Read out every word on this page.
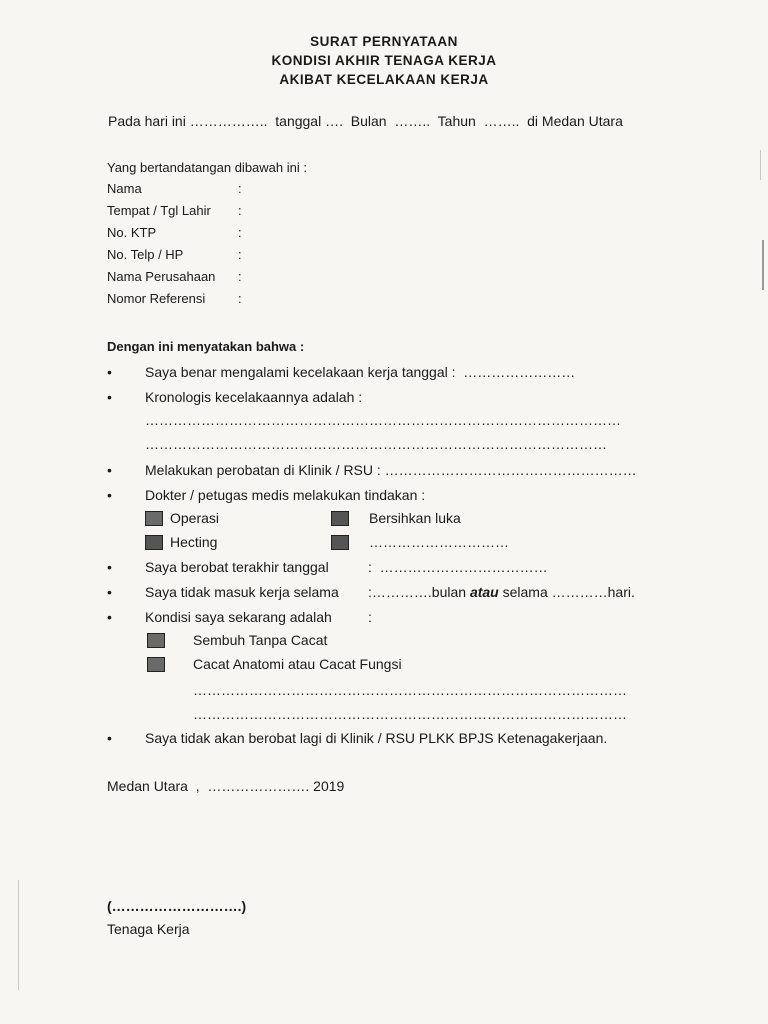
SURAT PERNYATAAN
KONDISI AKHIR TENAGA KERJA
AKIBAT KECELAKAAN KERJA
Pada hari ini ……………..  tanggal ….  Bulan  ……..  Tahun  ……..  di Medan Utara
Yang bertandatangan dibawah ini :
Nama	:
Tempat / Tgl Lahir :
No. KTP	:
No. Telp / HP	:
Nama Perusahaan :
Nomor Referensi	:
Dengan ini menyatakan bahwa :
• Saya benar mengalami kecelakaan kerja tanggal :  ……………………
• Kronologis kecelakaannya adalah :
…………………………………………………………………………………………
………………………………………………………………………………………
• Melakukan perobatan di Klinik / RSU : ………………………………………………
• Dokter / petugas medis melakukan tindakan :
Operasi	Bersihkan luka
Hecting	…………………………
• Saya berobat terakhir tanggal	:  ………………………………
• Saya tidak masuk kerja selama :………….bulan atau selama …………hari.
• Kondisi saya sekarang adalah	:
Sembuh Tanpa Cacat
Cacat Anatomi atau Cacat Fungsi
…………………………………………………………………………………
…………………………………………………………………………………
• Saya tidak akan berobat lagi di Klinik / RSU PLKK BPJS Ketenagakerjaan.
Medan Utara  ,  …………………. 2019
(……………………….)
Tenaga Kerja
